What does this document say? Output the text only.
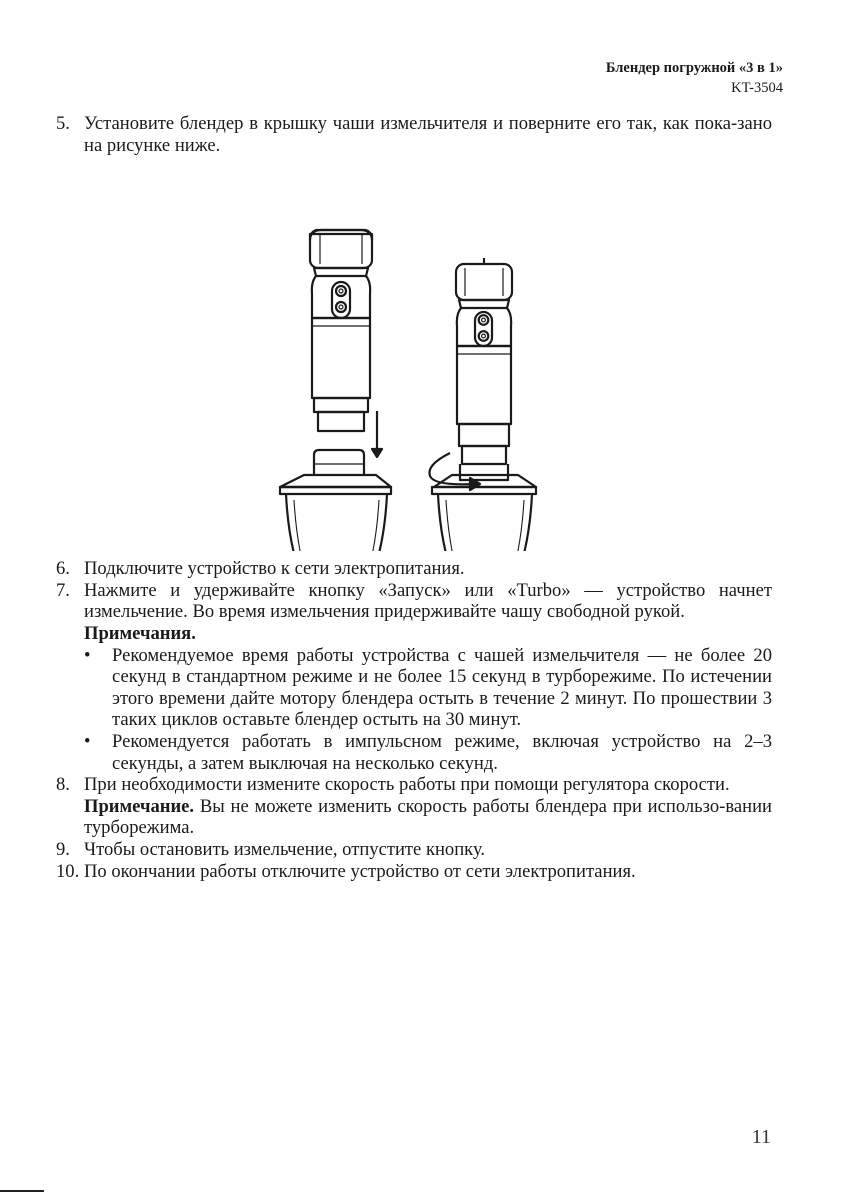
Блендер погружной «3 в 1»
KT-3504
5. Установите блендер в крышку чаши измельчителя и поверните его так, как пока-зано на рисунке ниже.
6. Подключите устройство к сети электропитания.
7. Нажмите и удерживайте кнопку «Запуск» или «Turbo» — устройство начнет измельчение. Во время измельчения придерживайте чашу свободной рукой.
Примечания.
• Рекомендуемое время работы устройства с чашей измельчителя — не более 20 секунд в стандартном режиме и не более 15 секунд в турборежиме. По истечении этого времени дайте мотору блендера остыть в течение 2 минут. По прошествии 3 таких циклов оставьте блендер остыть на 30 минут.
• Рекомендуется работать в импульсном режиме, включая устройство на 2–3 секунды, а затем выключая на несколько секунд.
8. При необходимости измените скорость работы при помощи регулятора скорости.
Примечание. Вы не можете изменить скорость работы блендера при использо-вании турборежима.
9. Чтобы остановить измельчение, отпустите кнопку.
10. По окончании работы отключите устройство от сети электропитания.
11
